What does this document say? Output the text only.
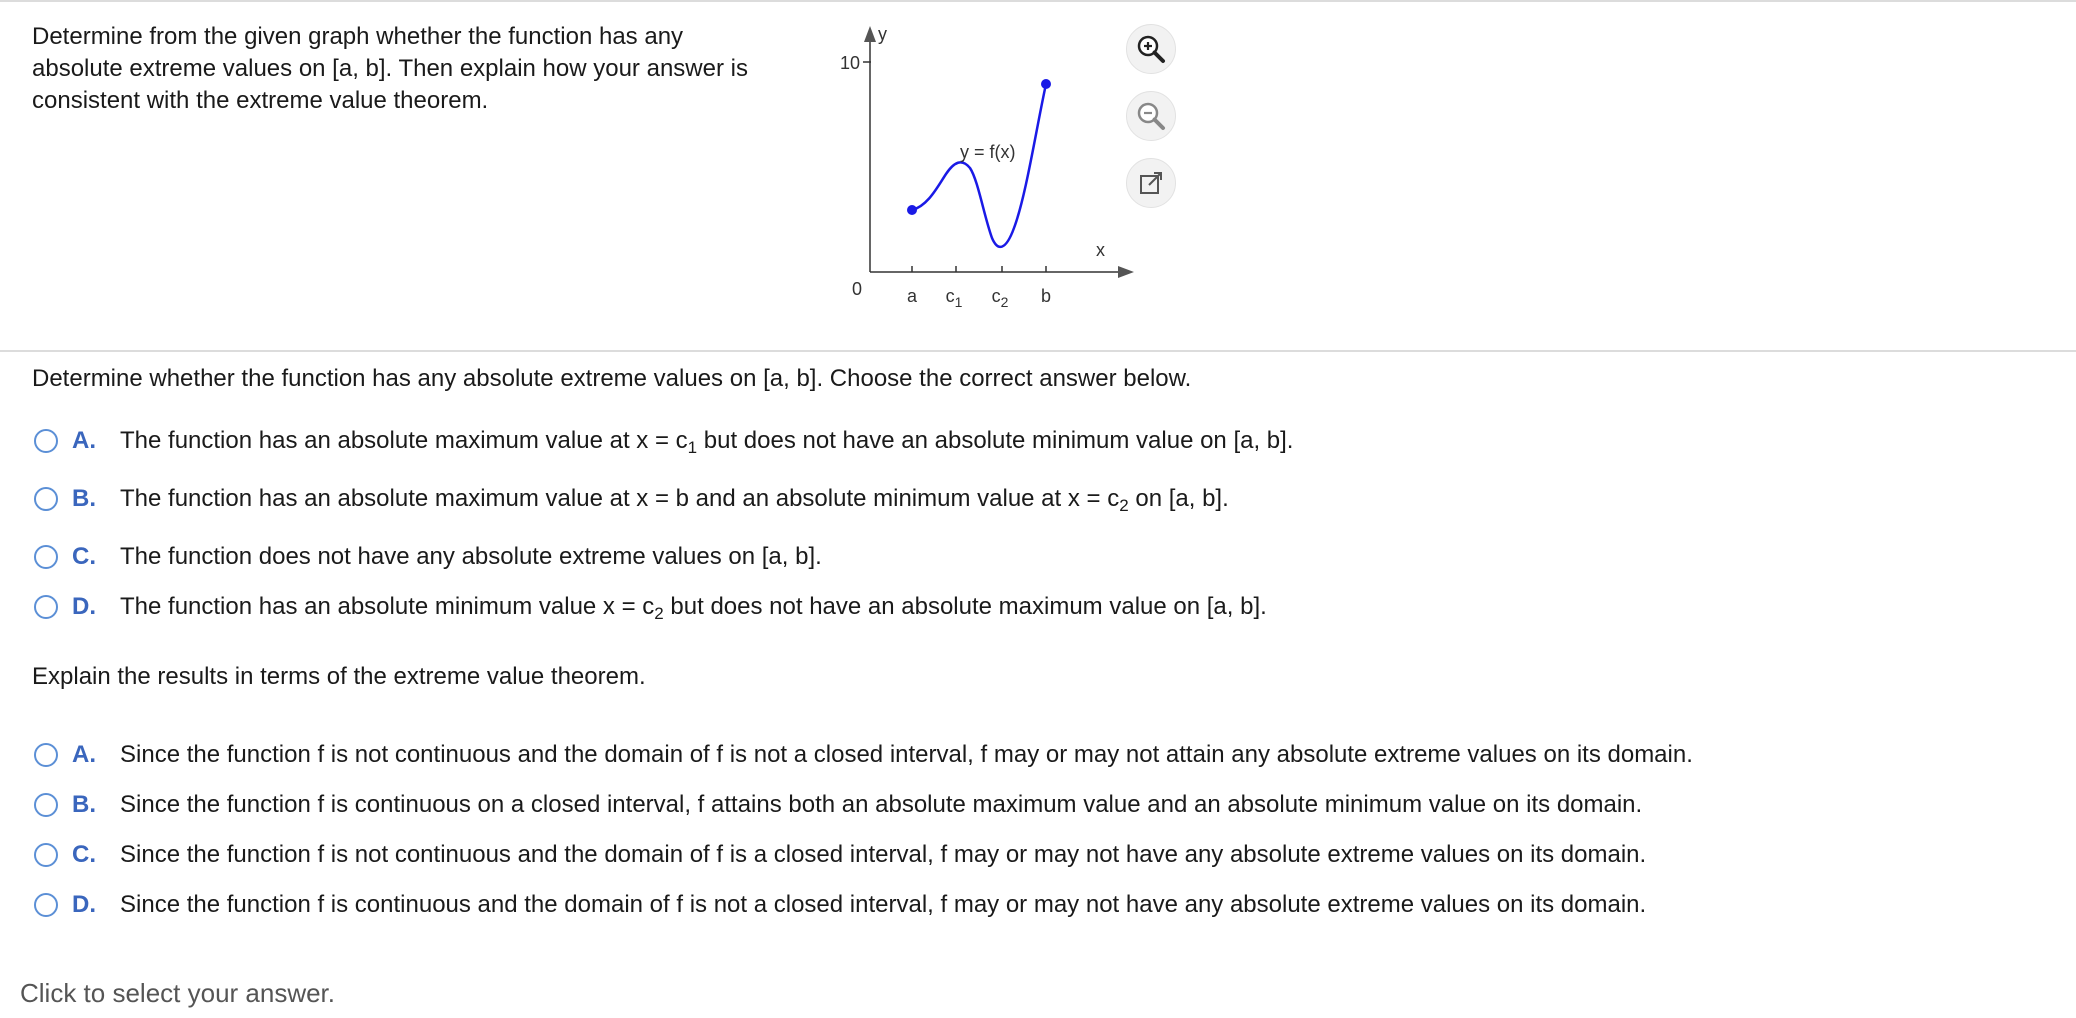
Determine from the given graph whether the function has any absolute extreme values on [a, b]. Then explain how your answer is consistent with the extreme value theorem.

10
y
x
0 a $c_1$ $c_2$ b
y = f(x)

Determine whether the function has any absolute extreme values on [a, b]. Choose the correct answer below.

A.	The function has an absolute maximum value at $x = c_1$ but does not have an absolute minimum value on [a, b].
B.	The function has an absolute maximum value at x = b and an absolute minimum value at $x = c_2$ on [a, b].
C.	The function does not have any absolute extreme values on [a, b].
D.	The function has an absolute minimum value $x = c_2$ but does not have an absolute maximum value on [a, b].

Explain the results in terms of the extreme value theorem.

A.	Since the function f is not continuous and the domain of f is not a closed interval, f may or may not attain any absolute extreme values on its domain.
B.	Since the function f is continuous on a closed interval, f attains both an absolute maximum value and an absolute minimum value on its domain.
C.	Since the function f is not continuous and the domain of f is a closed interval, f may or may not have any absolute extreme values on its domain.
D.	Since the function f is continuous and the domain of f is not a closed interval, f may or may not have any absolute extreme values on its domain.
Click to select your answer.
